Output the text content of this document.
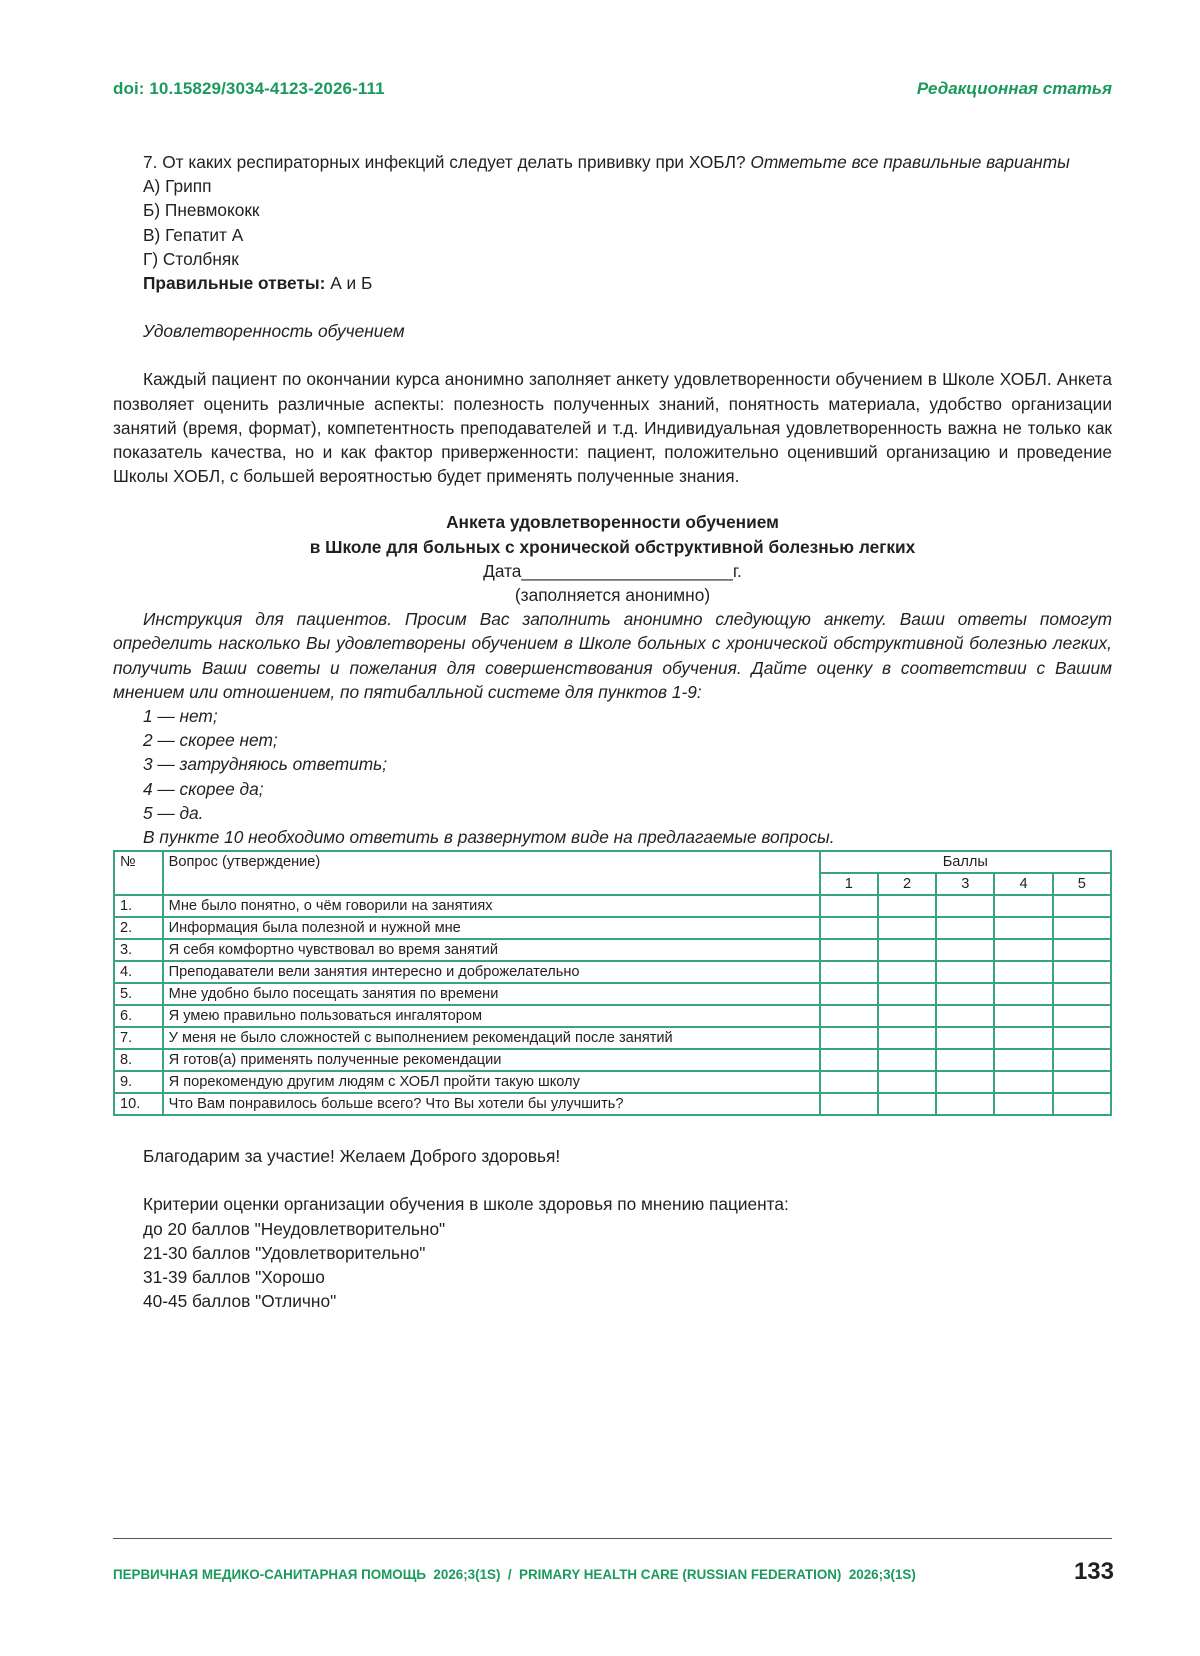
doi: 10.15829/3034-4123-2026-111	Редакционная статья

7. От каких респираторных инфекций следует делать прививку при ХОБЛ? Отметьте все правильные варианты

А) Грипп

Б) Пневмококк

В) Гепатит А

Г) Столбняк

Правильные ответы: А и Б

Удовлетворенность обучением

Каждый пациент по окончании курса анонимно заполняет анкету удовлетворенности обучением в Школе ХОБЛ. Анкета позволяет оценить различные аспекты: полезность полученных знаний, понятность материала, удобство организации занятий (время, формат), компетентность преподавателей и т.д. Индивидуальная удовлетворенность важна не только как показатель качества, но и как фактор приверженности: пациент, положительно оценивший организацию и проведение Школы ХОБЛ, с большей вероятностью будет применять полученные знания.

Анкета удовлетворенности обучением

в Школе для больных с хронической обструктивной болезнью легких

Дата______________________г.

(заполняется анонимно)

Инструкция для пациентов. Просим Вас заполнить анонимно следующую анкету. Ваши ответы помогут определить насколько Вы удовлетворены обучением в Школе больных с хронической обструктивной болезнью легких, получить Ваши советы и пожелания для совершенствования обучения. Дайте оценку в соответствии с Вашим мнением или отношением, по пятибалльной системе для пунктов 1-9:

1 — нет;

2 — скорее нет;

3 — затрудняюсь ответить;

4 — скорее да;

5 — да.

В пункте 10 необходимо ответить в развернутом виде на предлагаемые вопросы.

№	Вопрос (утверждение)	Баллы				
		1	2	3	4	5
1.	Мне было понятно, о чём говорили на занятиях					
2.	Информация была полезной и нужной мне					
3.	Я себя комфортно чувствовал во время занятий					
4.	Преподаватели вели занятия интересно и доброжелательно					
5.	Мне удобно было посещать занятия по времени					
6.	Я умею правильно пользоваться ингалятором					
7.	У меня не было сложностей с выполнением рекомендаций после занятий					
8.	Я готов(а) применять полученные рекомендации					
9.	Я порекомендую другим людям с ХОБЛ пройти такую школу					
10.	Что Вам понравилось больше всего? Что Вы хотели бы улучшить?					

Благодарим за участие! Желаем Доброго здоровья!

Критерии оценки организации обучения в школе здоровья по мнению пациента:

до 20 баллов "Неудовлетворительно"

21-30 баллов "Удовлетворительно"

31-39 баллов "Хорошо

40-45 баллов "Отлично"

ПЕРВИЧНАЯ МЕДИКО-САНИТАРНАЯ ПОМОЩЬ  2026;3(1S)  /  PRIMARY HEALTH CARE (RUSSIAN FEDERATION)  2026;3(1S)	133
